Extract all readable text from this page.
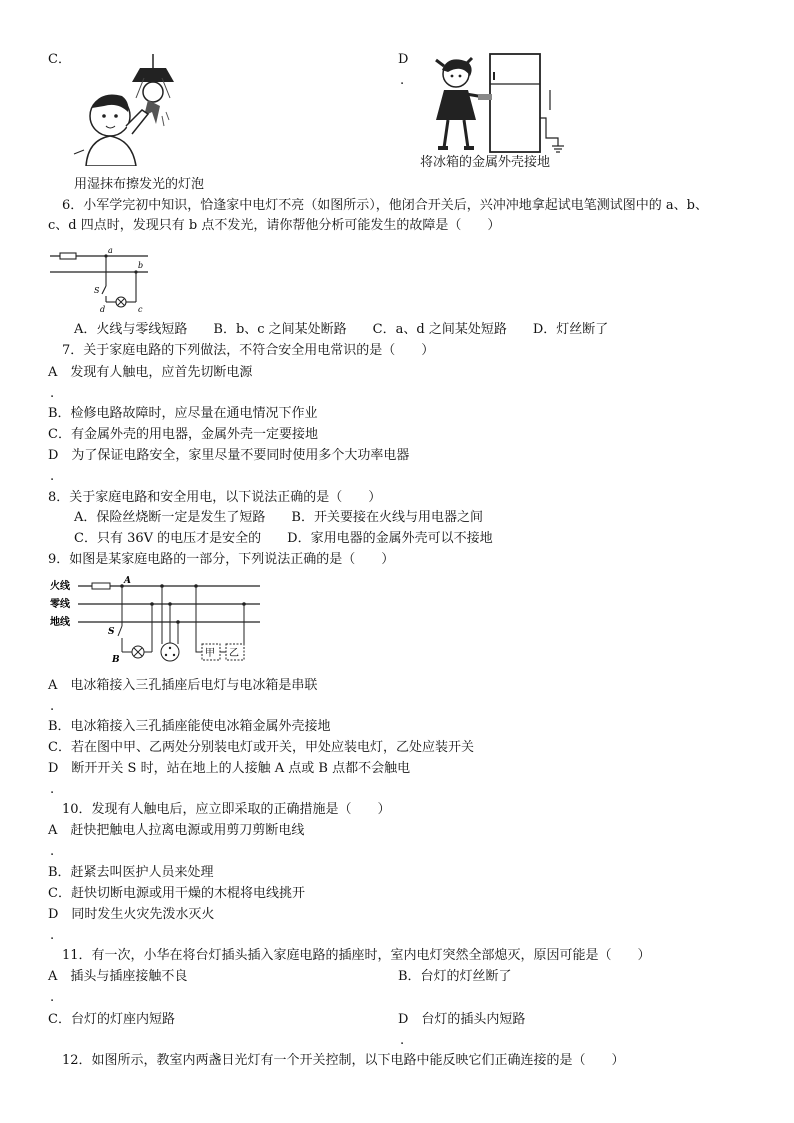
C．
用湿抹布擦发光的灯泡
D
.
将冰箱的金属外壳接地
6．小军学完初中知识，恰逢家中电灯不亮（如图所示），他闭合开关后，兴冲冲地拿起试电笔测试图中的 a、b、
c、d 四点时，发现只有 b 点不发光，请你帮他分析可能发生的故障是（　　）
a
b
c
d
S
A．火线与零线短路　　B．b、c 之间某处断路　　C．a、d 之间某处短路　　D．灯丝断了
7．关于家庭电路的下列做法，不符合安全用电常识的是（　　）
A　发现有人触电，应首先切断电源
.
B．检修电路故障时，应尽量在通电情况下作业
C．有金属外壳的用电器，金属外壳一定要接地
D　为了保证电路安全，家里尽量不要同时使用多个大功率电器
.
8．关于家庭电路和安全用电，以下说法正确的是（　　）
A．保险丝烧断一定是发生了短路　　B．开关要接在火线与用电器之间
C．只有 36V 的电压才是安全的　　D．家用电器的金属外壳可以不接地
9．如图是某家庭电路的一部分，下列说法正确的是（　　）
火线
零线
地线
A
S
B
甲 乙
A　电冰箱接入三孔插座后电灯与电冰箱是串联
.
B．电冰箱接入三孔插座能使电冰箱金属外壳接地
C．若在图中甲、乙两处分别装电灯或开关，甲处应装电灯，乙处应装开关
D　断开开关 S 时，站在地上的人接触 A 点或 B 点都不会触电
.
10．发现有人触电后，应立即采取的正确措施是（　　）
A　赶快把触电人拉离电源或用剪刀剪断电线
.
B．赶紧去叫医护人员来处理
C．赶快切断电源或用干燥的木棍将电线挑开
D　同时发生火灾先泼水灭火
.
11．有一次，小华在将台灯插头插入家庭电路的插座时，室内电灯突然全部熄灭，原因可能是（　　）
A　插头与插座接触不良
.
B．台灯的灯丝断了
C．台灯的灯座内短路	D　台灯的插头内短路
.
12．如图所示，教室内两盏日光灯有一个开关控制，以下电路中能反映它们正确连接的是（　　）
